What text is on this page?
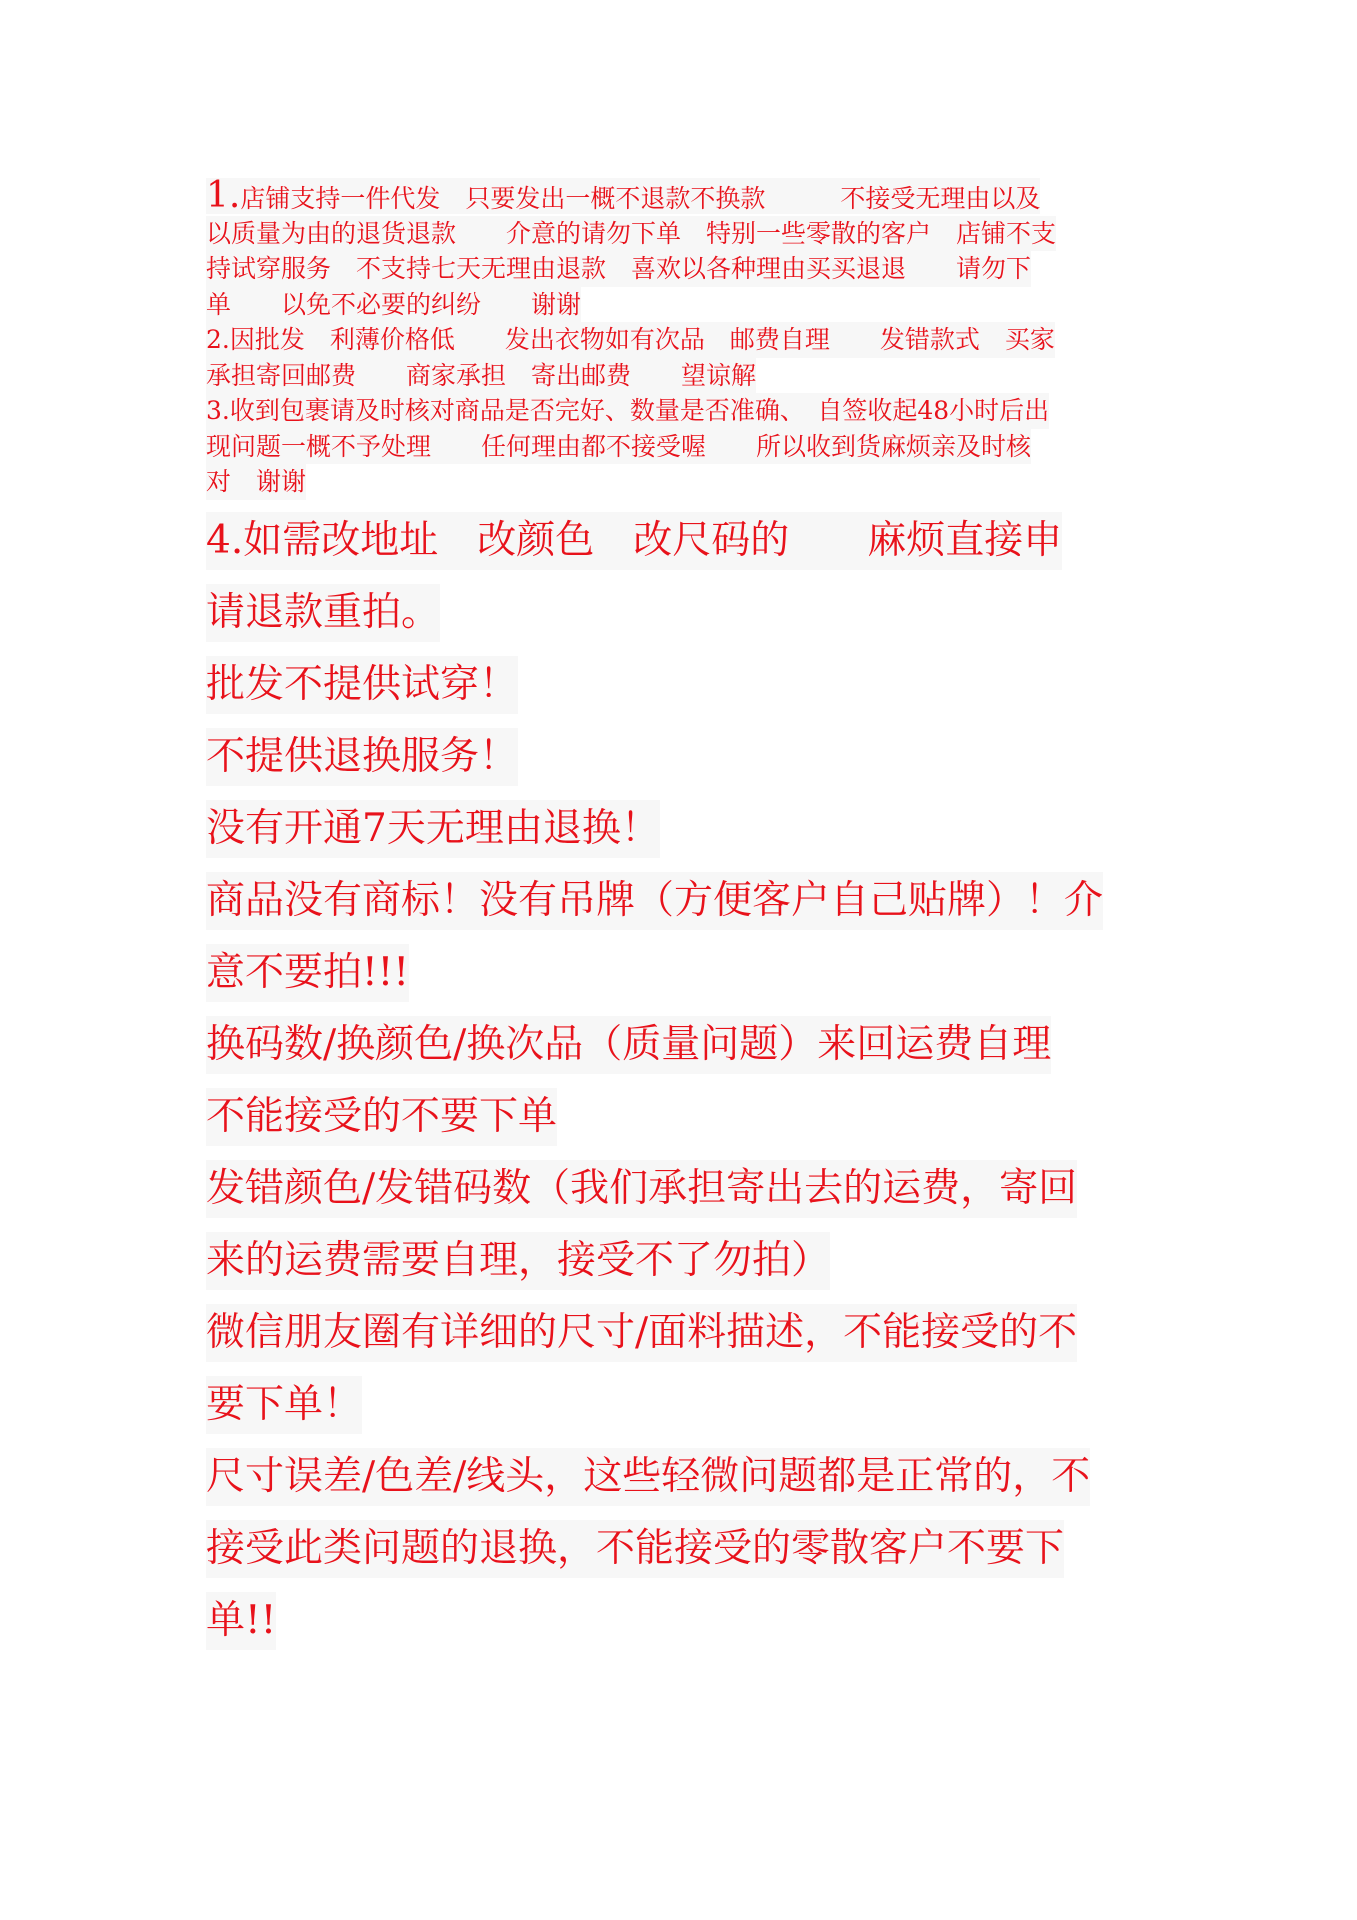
1.店铺支持一件代发　只要发出一概不退款不换款　　　不接受无理由以及
以质量为由的退货退款　　介意的请勿下单　特别一些零散的客户　店铺不支
持试穿服务　不支持七天无理由退款　喜欢以各种理由买买退退　　请勿下
单　　以免不必要的纠纷　　谢谢
2.因批发　利薄价格低　　发出衣物如有次品　邮费自理　　发错款式　买家
承担寄回邮费　　商家承担　寄出邮费　　望谅解
3.收到包裹请及时核对商品是否完好、数量是否准确、　自签收起48小时后出
现问题一概不予处理　　任何理由都不接受喔　　所以收到货麻烦亲及时核
对　谢谢
4.如需改地址　改颜色　改尺码的　　麻烦直接申
请退款重拍。
批发不提供试穿！
不提供退换服务！
没有开通7天无理由退换！
商品没有商标！没有吊牌（方便客户自己贴牌）！介
意不要拍!!!
换码数/换颜色/换次品（质量问题）来回运费自理
不能接受的不要下单
发错颜色/发错码数（我们承担寄出去的运费，寄回
来的运费需要自理，接受不了勿拍）
微信朋友圈有详细的尺寸/面料描述，不能接受的不
要下单！
尺寸误差/色差/线头，这些轻微问题都是正常的，不
接受此类问题的退换，不能接受的零散客户不要下
单!!
